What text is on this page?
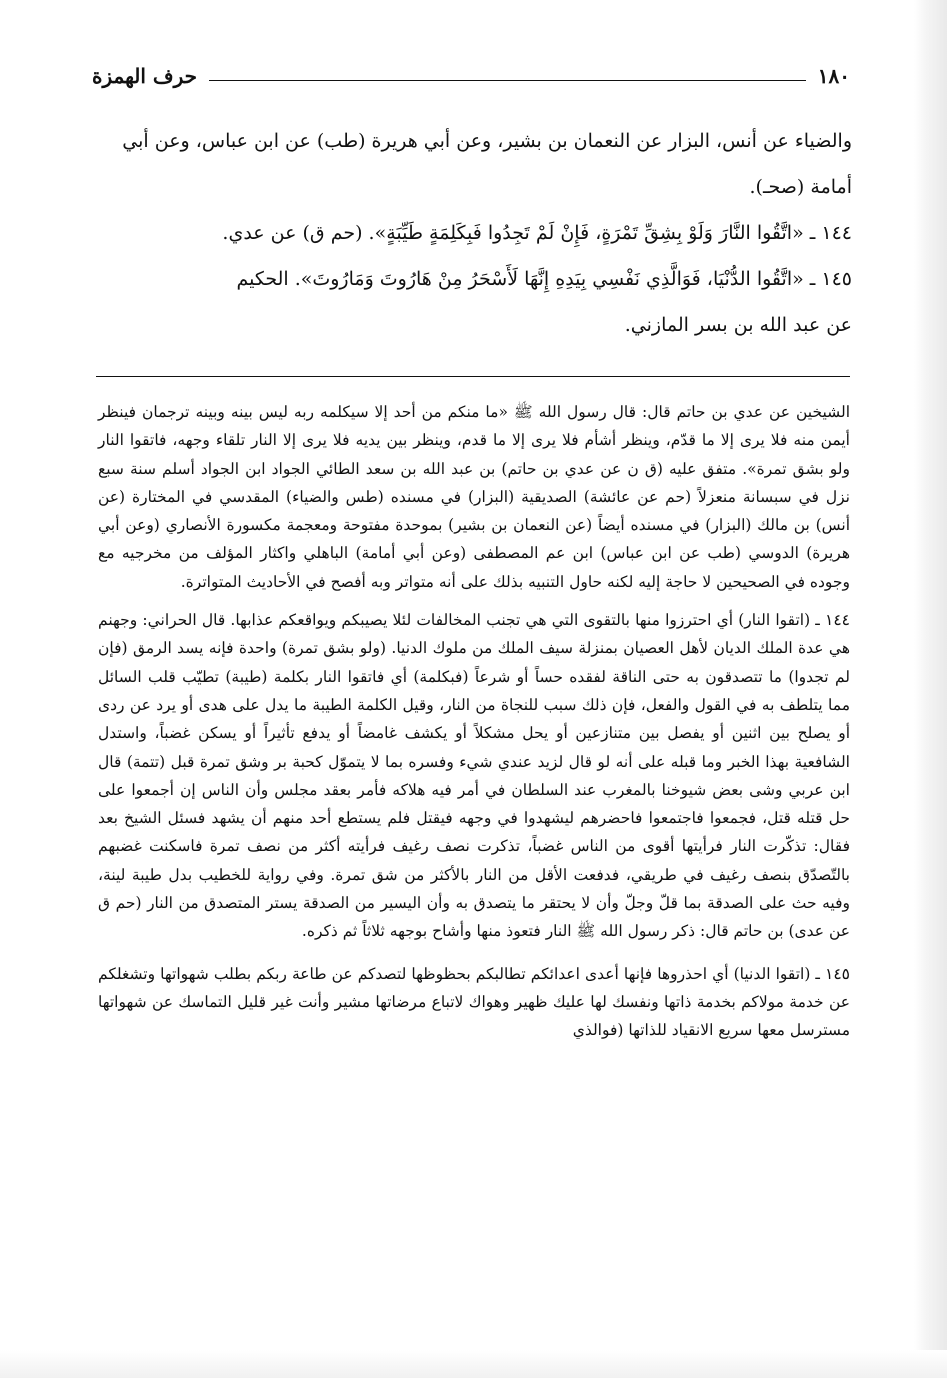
١٨٠
حرف الهمزة

والضياء عن أنس، البزار عن النعمان بن بشير، وعن أبي هريرة (طب) عن ابن عباس، وعن أبي

أمامة (صحـ).

١٤٤ ـ «اتَّقُوا النَّارَ وَلَوْ بِشِقِّ تَمْرَةٍ، فَإِنْ لَمْ تَجِدُوا فَبِكَلِمَةٍ طَيِّبَةٍ». (حم ق) عن عدي.

١٤٥ ـ «اتَّقُوا الدُّنْيَا، فَوَالَّذِي نَفْسِي بِيَدِهِ إِنَّهَا لَأَسْحَرُ مِنْ هَارُوتَ وَمَارُوتَ». الحكيم

عن عبد الله بن بسر المازني.

الشيخين عن عدي بن حاتم قال: قال رسول الله ﷺ «ما منكم من أحد إلا سيكلمه ربه ليس بينه وبينه ترجمان فينظر أيمن منه فلا يرى إلا ما قدّم، وينظر أشأم فلا يرى إلا ما قدم، وينظر بين يديه فلا يرى إلا النار تلقاء وجهه، فاتقوا النار ولو بشق تمرة». متفق عليه (ق ن عن عدي بن حاتم) بن عبد الله بن سعد الطائي الجواد ابن الجواد أسلم سنة سبع نزل في سبسانة منعزلاً (حم عن عائشة) الصديقية (البزار) في مسنده (طس والضياء) المقدسي في المختارة (عن أنس) بن مالك (البزار) في مسنده أيضاً (عن النعمان بن بشير) بموحدة مفتوحة ومعجمة مكسورة الأنصاري (وعن أبي هريرة) الدوسي (طب عن ابن عباس) ابن عم المصطفى (وعن أبي أمامة) الباهلي واكثار المؤلف من مخرجيه مع وجوده في الصحيحين لا حاجة إليه لكنه حاول التنبيه بذلك على أنه متواتر وبه أفصح في الأحاديث المتواترة.

١٤٤ ـ (اتقوا النار) أي احترزوا منها بالتقوى التي هي تجنب المخالفات لئلا يصيبكم ويواقعكم عذابها. قال الحراني: وجهنم هي عدة الملك الديان لأهل العصيان بمنزلة سيف الملك من ملوك الدنيا. (ولو بشق تمرة) واحدة فإنه يسد الرمق (فإن لم تجدوا) ما تتصدقون به حتى الناقة لفقده حساً أو شرعاً (فبكلمة) أي فاتقوا النار بكلمة (طيبة) تطيّب قلب السائل مما يتلطف به في القول والفعل، فإن ذلك سبب للنجاة من النار، وقيل الكلمة الطيبة ما يدل على هدى أو يرد عن ردى أو يصلح بين اثنين أو يفصل بين متنازعين أو يحل مشكلاً أو يكشف غامضاً أو يدفع تأثيراً أو يسكن غضباً، واستدل الشافعية بهذا الخبر وما قبله على أنه لو قال لزيد عندي شيء وفسره بما لا يتموّل كحبة بر وشق تمرة قبل (تتمة) قال ابن عربي وشى بعض شيوخنا بالمغرب عند السلطان في أمر فيه هلاكه فأمر بعقد مجلس وأن الناس إن أجمعوا على حل قتله قتل، فجمعوا فاجتمعوا فاحضرهم ليشهدوا في وجهه فيقتل فلم يستطع أحد منهم أن يشهد فسئل الشيخ بعد فقال: تذكّرت النار فرأيتها أقوى من الناس غضباً، تذكرت نصف رغيف فرأيته أكثر من نصف تمرة فاسكنت غضبهم بالتّصدّق بنصف رغيف في طريقي، فدفعت الأقل من النار بالأكثر من شق تمرة. وفي رواية للخطيب بدل طيبة لينة، وفيه حث على الصدقة بما قلّ وجلّ وأن لا يحتقر ما يتصدق به وأن اليسير من الصدقة يستر المتصدق من النار (حم ق عن عدى) بن حاتم قال: ذكر رسول الله ﷺ النار فتعوذ منها وأشاح بوجهه ثلاثاً ثم ذكره.

١٤٥ ـ (اتقوا الدنيا) أي احذروها فإنها أعدى اعدائكم تطالبكم بحظوظها لتصدكم عن طاعة ربكم بطلب شهواتها وتشغلكم عن خدمة مولاكم بخدمة ذاتها ونفسك لها عليك ظهير وهواك لاتباع مرضاتها مشير وأنت غير قليل التماسك عن شهواتها مسترسل معها سريع الانقياد للذاتها (فوالذي
